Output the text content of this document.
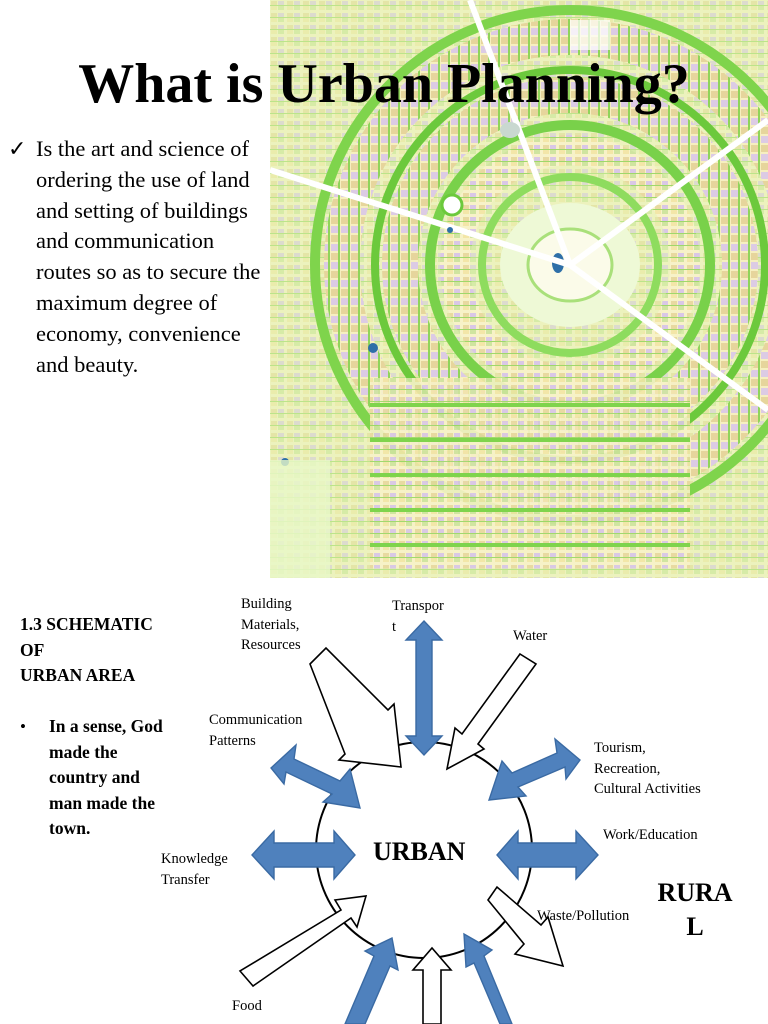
What is Urban Planning?
✓ Is the art and science of ordering the use of land and setting of buildings and communication routes so as to secure the maximum degree of economy, convenience and beauty.

1.3 SCHEMATIC
OF
URBAN AREA
• In a sense, God
made the
country and
man made the
town.

Building
Materials,
Resources
Transpor
t
Water
Communication
Patterns	Tourism,
Recreation,
Cultural Activities
Work/Education
Knowledge
Transfer
Waste/Pollution
Food
URBAN
RURA
L
